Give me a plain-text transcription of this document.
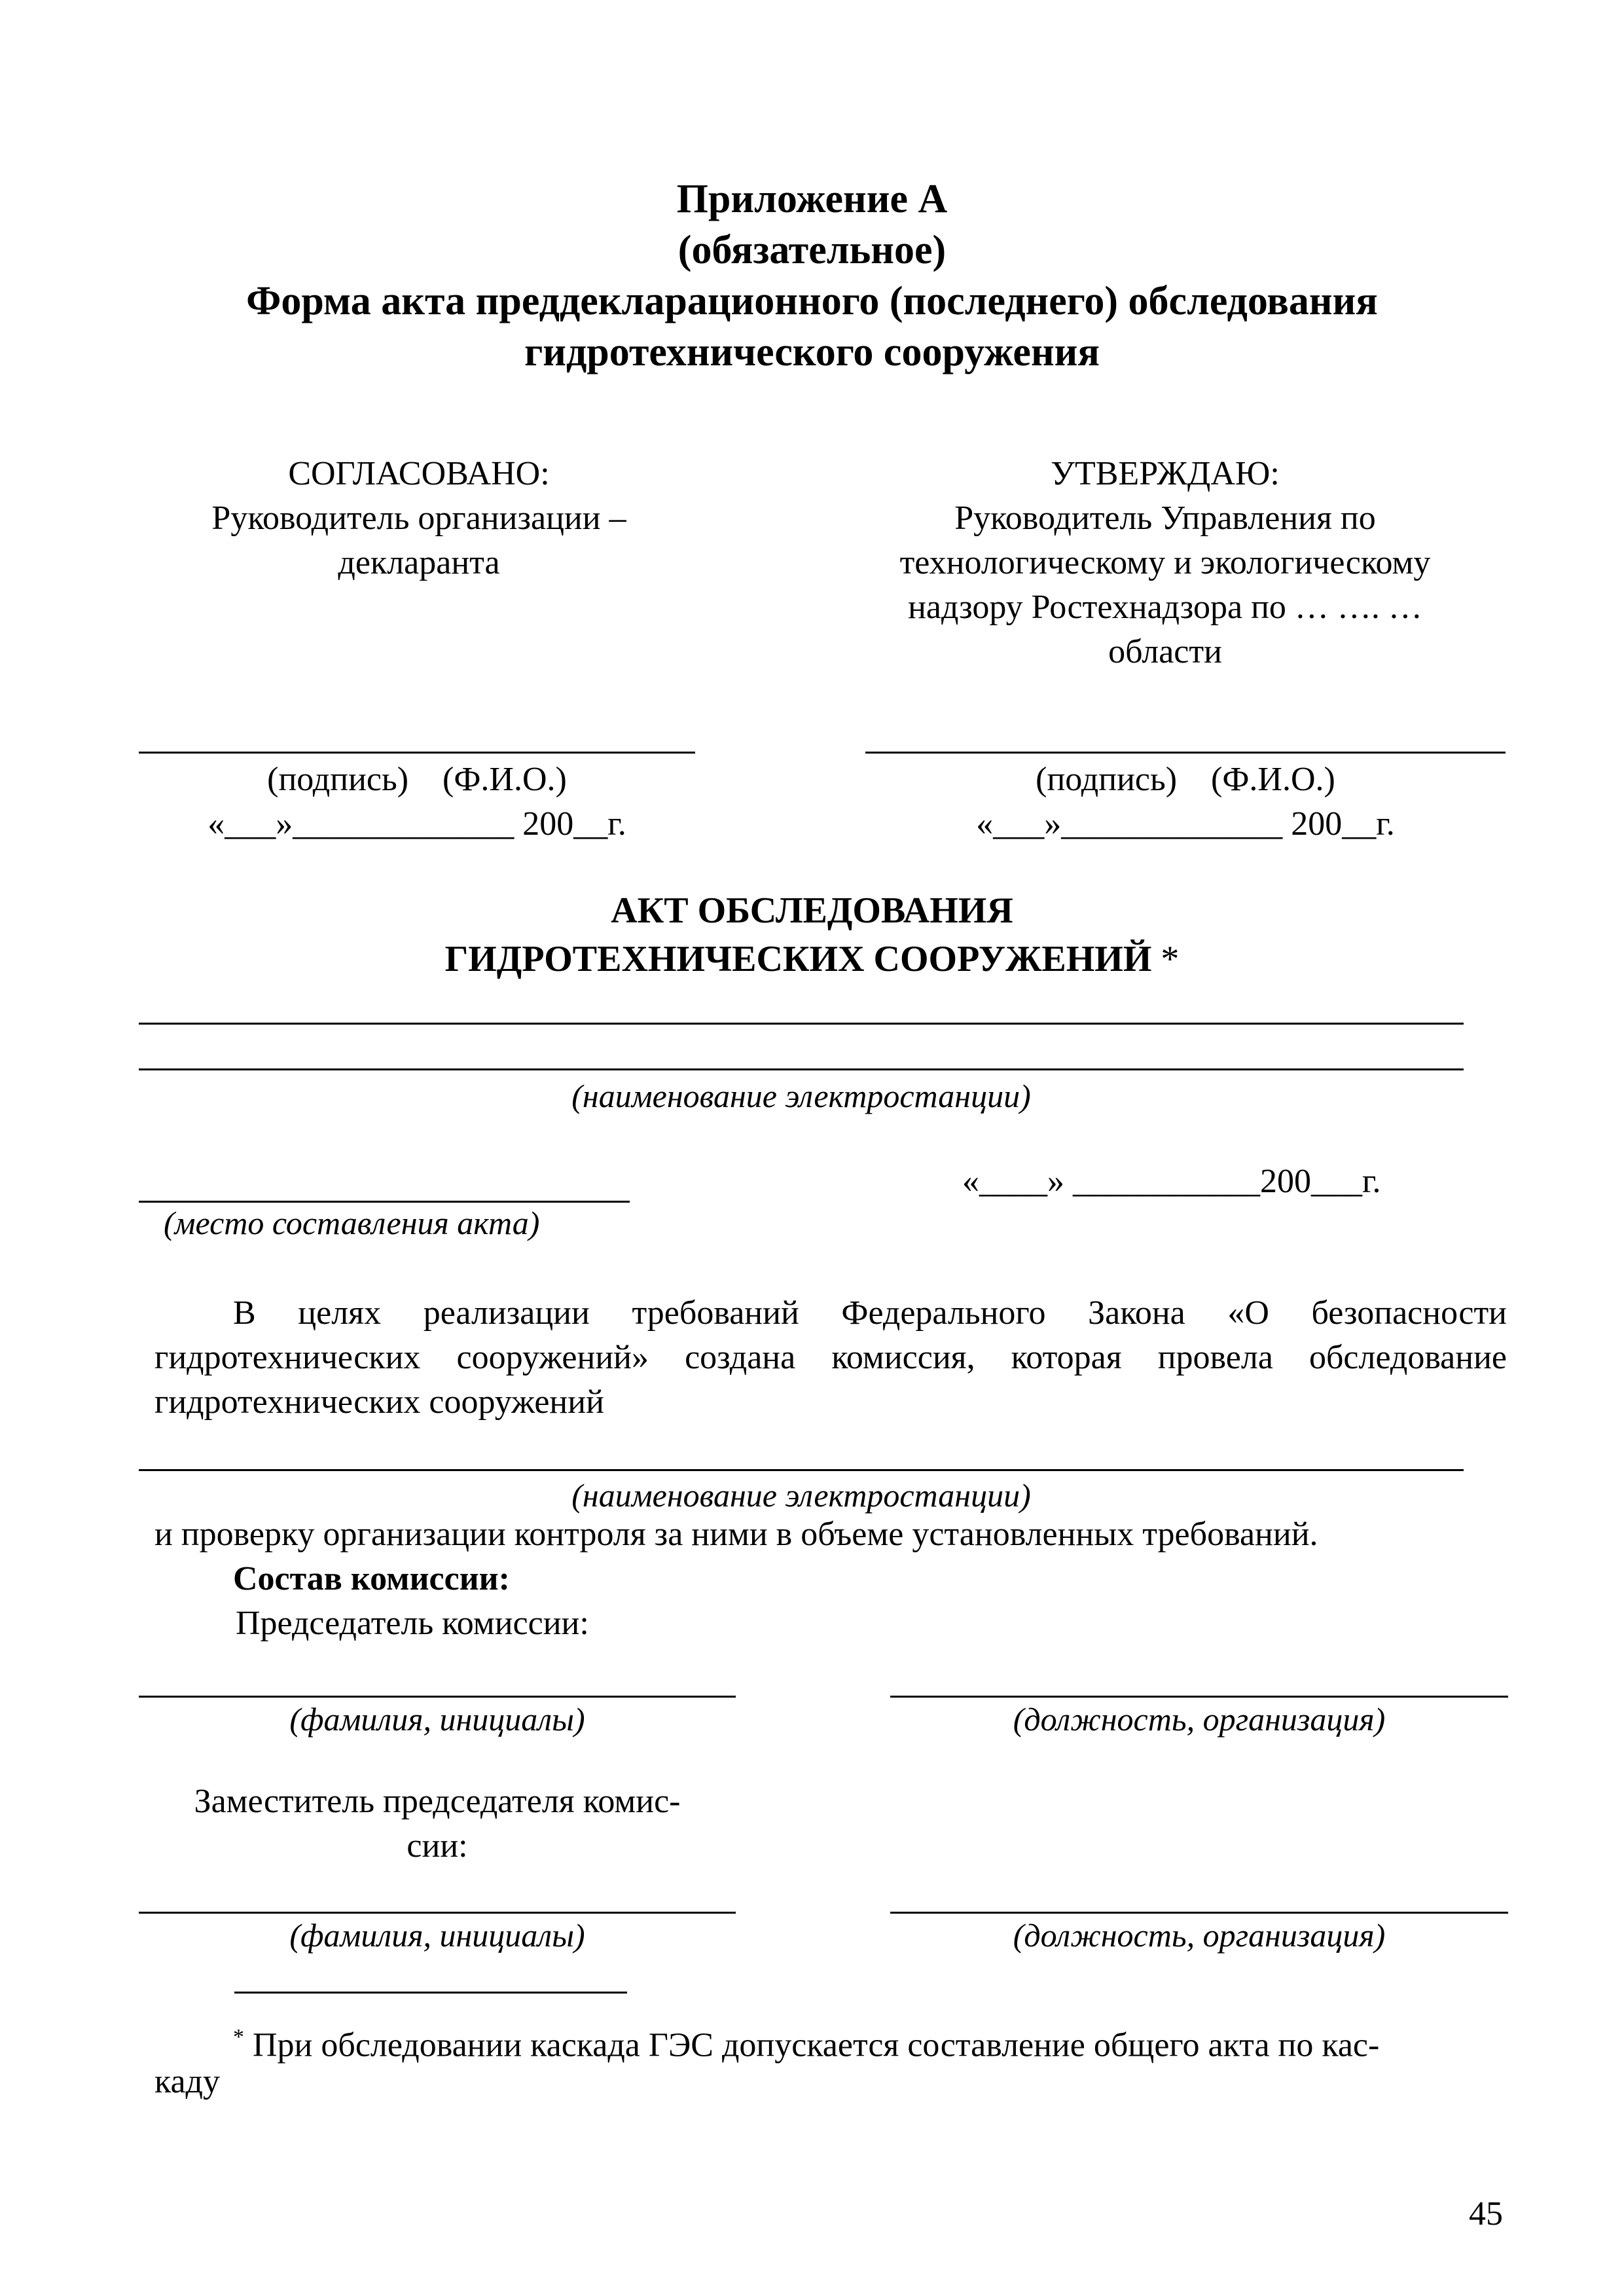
Приложение А
(обязательное)
Форма акта преддекларационного (последнего) обследования
гидротехнического сооружения
СОГЛАСОВАНО:
Руководитель организации –
декларанта
УТВЕРЖДАЮ:
Руководитель Управления по
технологическому и экологическому
надзору Ростехнадзора по … …. …
области
(подпись)    (Ф.И.О.)	(подпись)    (Ф.И.О.)
«___»_____________ 200__г.	«___»_____________ 200__г.
АКТ ОБСЛЕДОВАНИЯ
ГИДРОТЕХНИЧЕСКИХ СООРУЖЕНИЙ *
(наименование электростанции)
(место составления акта)
«____» ___________200___г.
В целях реализации требований Федерального Закона «О безопасности гидротехнических сооружений» создана комиссия, которая провела обследование гидротехнических сооружений
(наименование электростанции)
и проверку организации контроля за ними в объеме установленных требований.
Состав комиссии:
Председатель комиссии:
(фамилия, инициалы)	(должность, организация)
Заместитель председателя комис-
сии:
(фамилия, инициалы)	(должность, организация)
* При обследовании каскада ГЭС допускается составление общего акта по кас-
каду
45
